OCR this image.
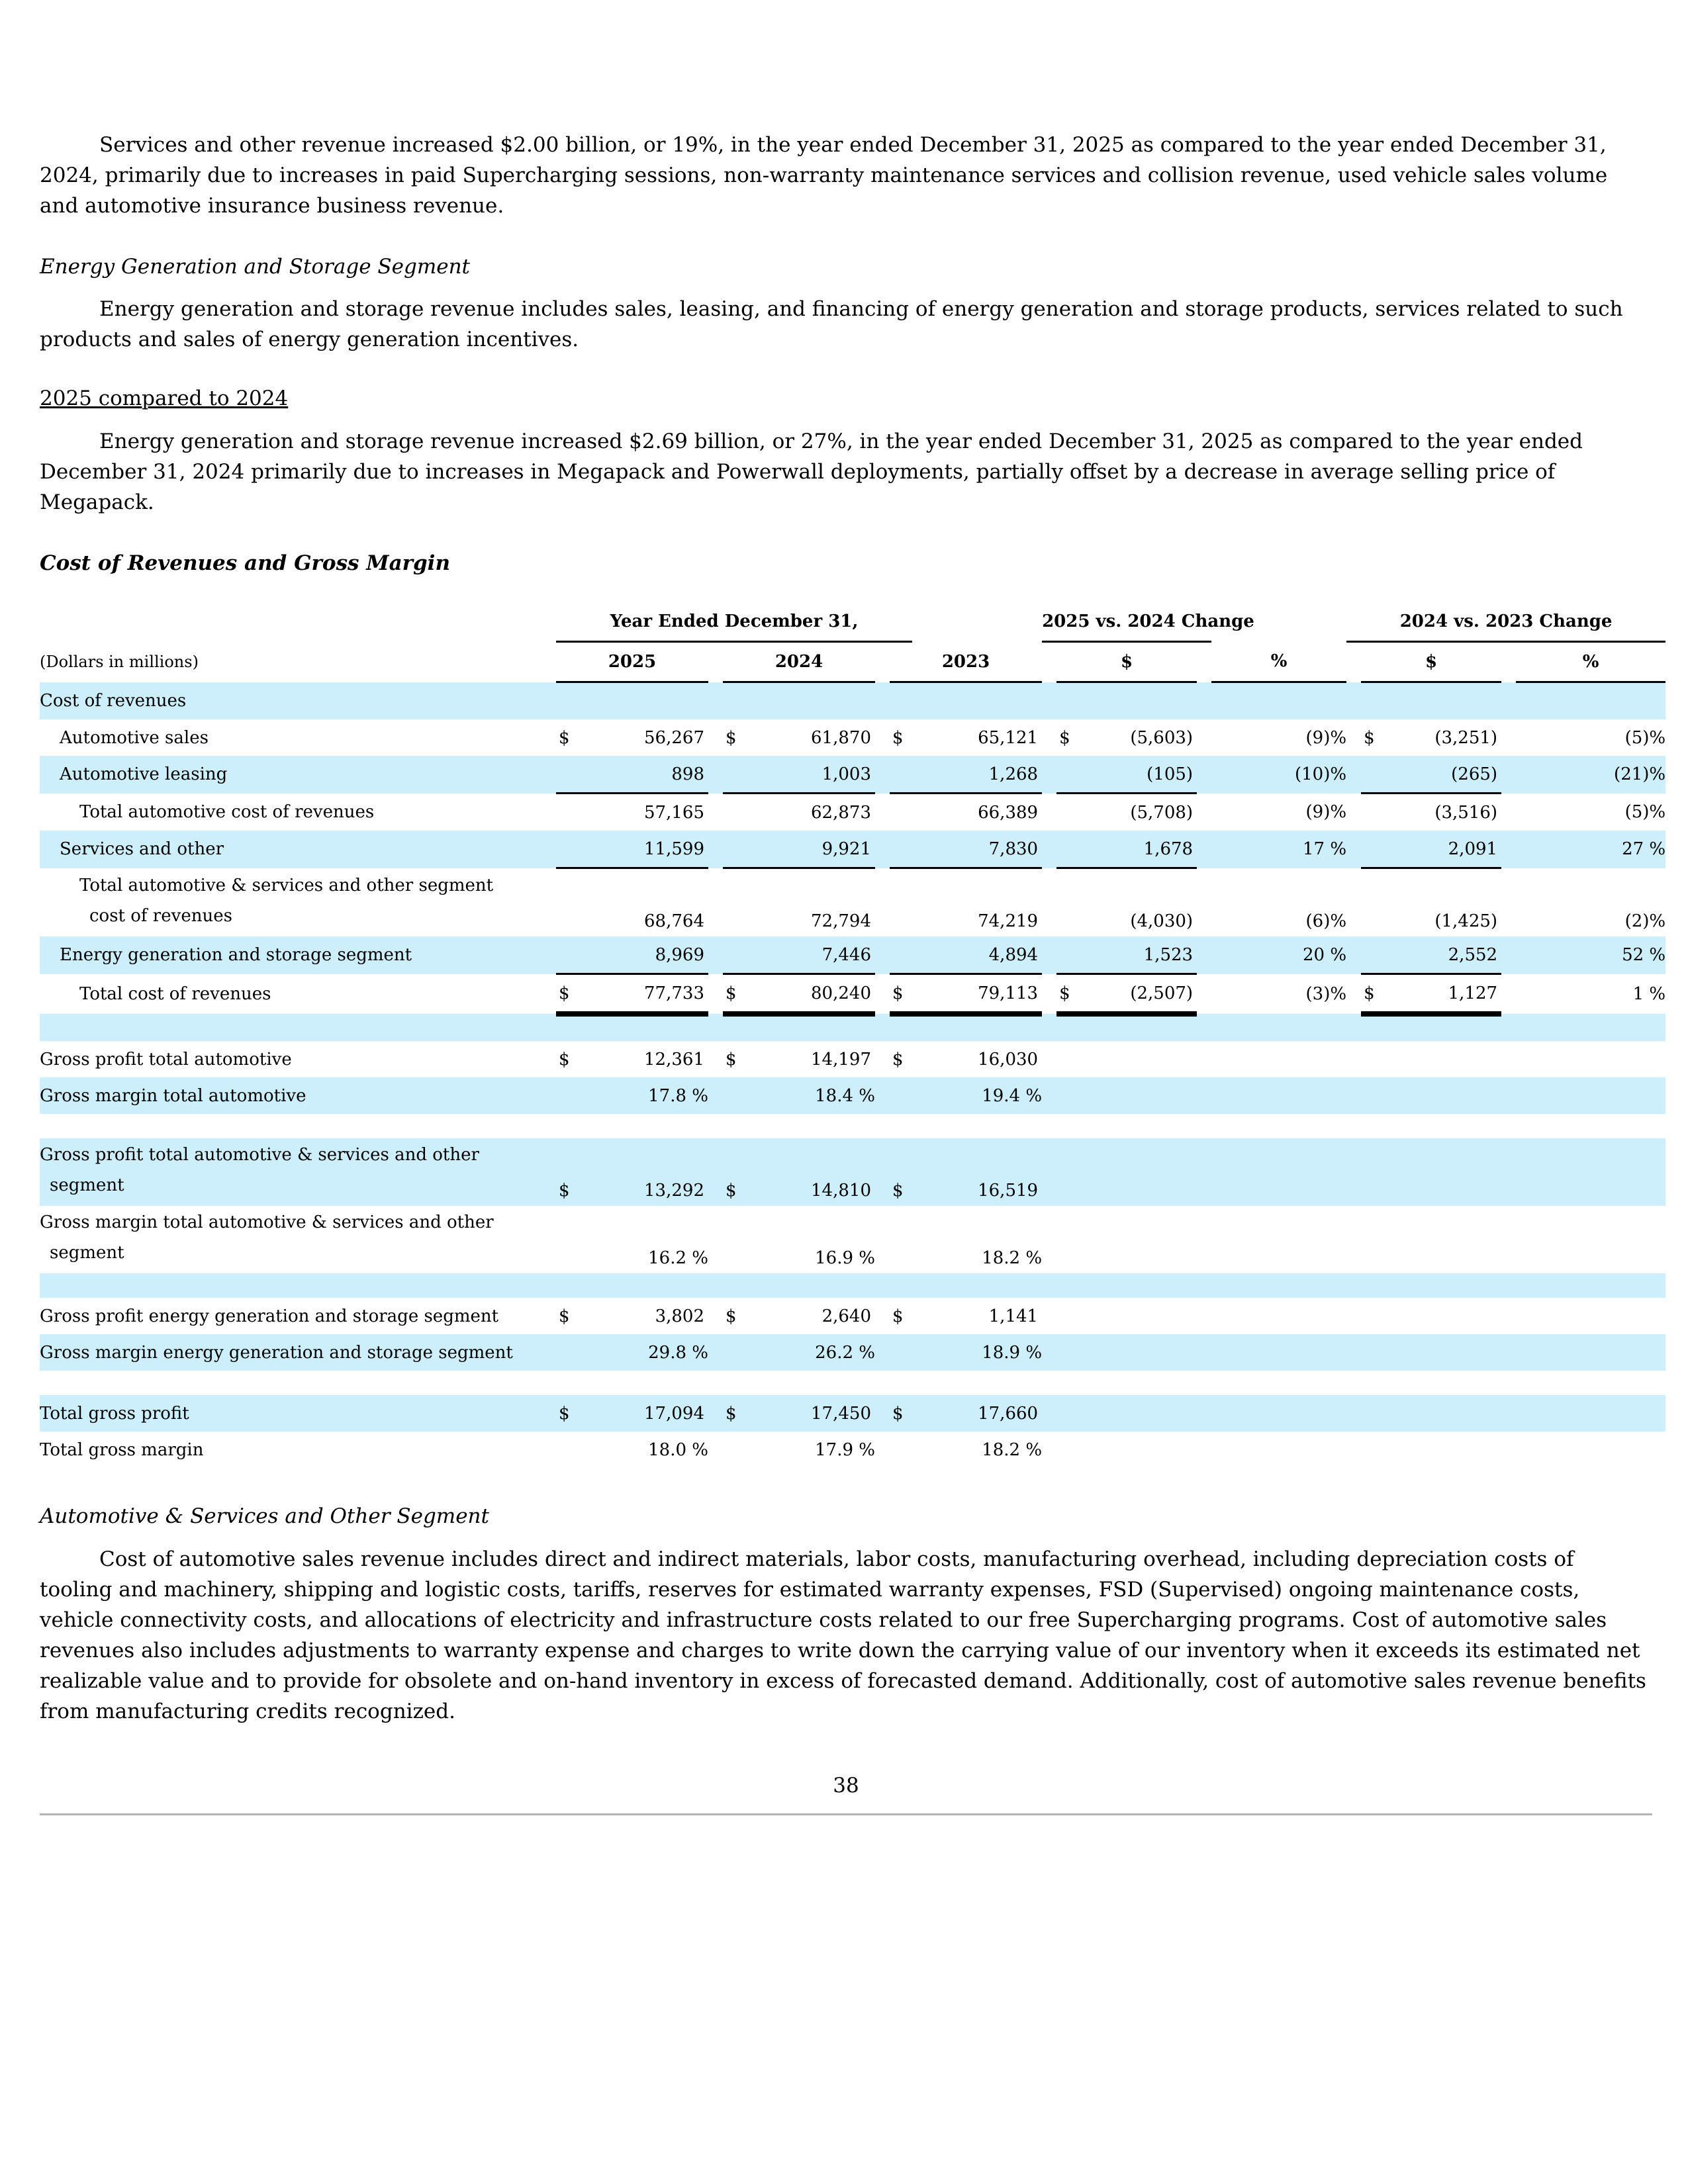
Services and other revenue increased $2.00 billion, or 19%, in the year ended December 31, 2025 as compared to the year ended December 31, 2024, primarily due to increases in paid Supercharging sessions, non-warranty maintenance services and collision revenue, used vehicle sales volume and automotive insurance business revenue.

Energy Generation and Storage Segment

Energy generation and storage revenue includes sales, leasing, and financing of energy generation and storage products, services related to such products and sales of energy generation incentives.

2025 compared to 2024

Energy generation and storage revenue increased $2.69 billion, or 27%, in the year ended December 31, 2025 as compared to the year ended December 31, 2024 primarily due to increases in Megapack and Powerwall deployments, partially offset by a decrease in average selling price of Megapack.

Cost of Revenues and Gross Margin
		Year Ended December 31,								2025 vs. 2024 Change					2024 vs. 2023 Change				
(Dollars in millions)		2025			2024			2023			$			%		$			%
Cost of revenues																			
Automotive sales		$	56,267		$	61,870		$	65,121		$	(5,603)		(9)%		$	(3,251)		(5)%
Automotive leasing			898			1,003			1,268			(105)		(10)%			(265)		(21)%
Total automotive cost of revenues			57,165			62,873			66,389			(5,708)		(9)%			(3,516)		(5)%
Services and other			11,599			9,921			7,830			1,678		17 %			2,091		27 %

Total automotive & services and other segment
cost of revenues			68,764			72,794			74,219			(4,030)		(6)%			(1,425)		(2)%
Energy generation and storage segment			8,969			7,446			4,894			1,523		20 %			2,552		52 %
Total cost of revenues		$	77,733		$	80,240		$	79,113		$	(2,507)		(3)%		$	1,127		1 %

Gross profit total automotive		$	12,361		$	14,197		$	16,030										
Gross margin total automotive		17.8 %			18.4 %			19.4 %											

Gross profit total automotive & services and other
segment		$	13,292		$	14,810		$	16,519										

Gross margin total automotive & services and other
segment		16.2 %			16.9 %			18.2 %											

Gross profit energy generation and storage segment		$	3,802		$	2,640		$	1,141										
Gross margin energy generation and storage segment		29.8 %			26.2 %			18.9 %											

Total gross profit		$	17,094		$	17,450		$	17,660										
Total gross margin		18.0 %			17.9 %			18.2 %											
Automotive & Services and Other Segment

Cost of automotive sales revenue includes direct and indirect materials, labor costs, manufacturing overhead, including depreciation costs of tooling and machinery, shipping and logistic costs, tariffs, reserves for estimated warranty expenses, FSD (Supervised) ongoing maintenance costs, vehicle connectivity costs, and allocations of electricity and infrastructure costs related to our free Supercharging programs. Cost of automotive sales revenues also includes adjustments to warranty expense and charges to write down the carrying value of our inventory when it exceeds its estimated net realizable value and to provide for obsolete and on-hand inventory in excess of forecasted demand. Additionally, cost of automotive sales revenue benefits from manufacturing credits recognized.

38
